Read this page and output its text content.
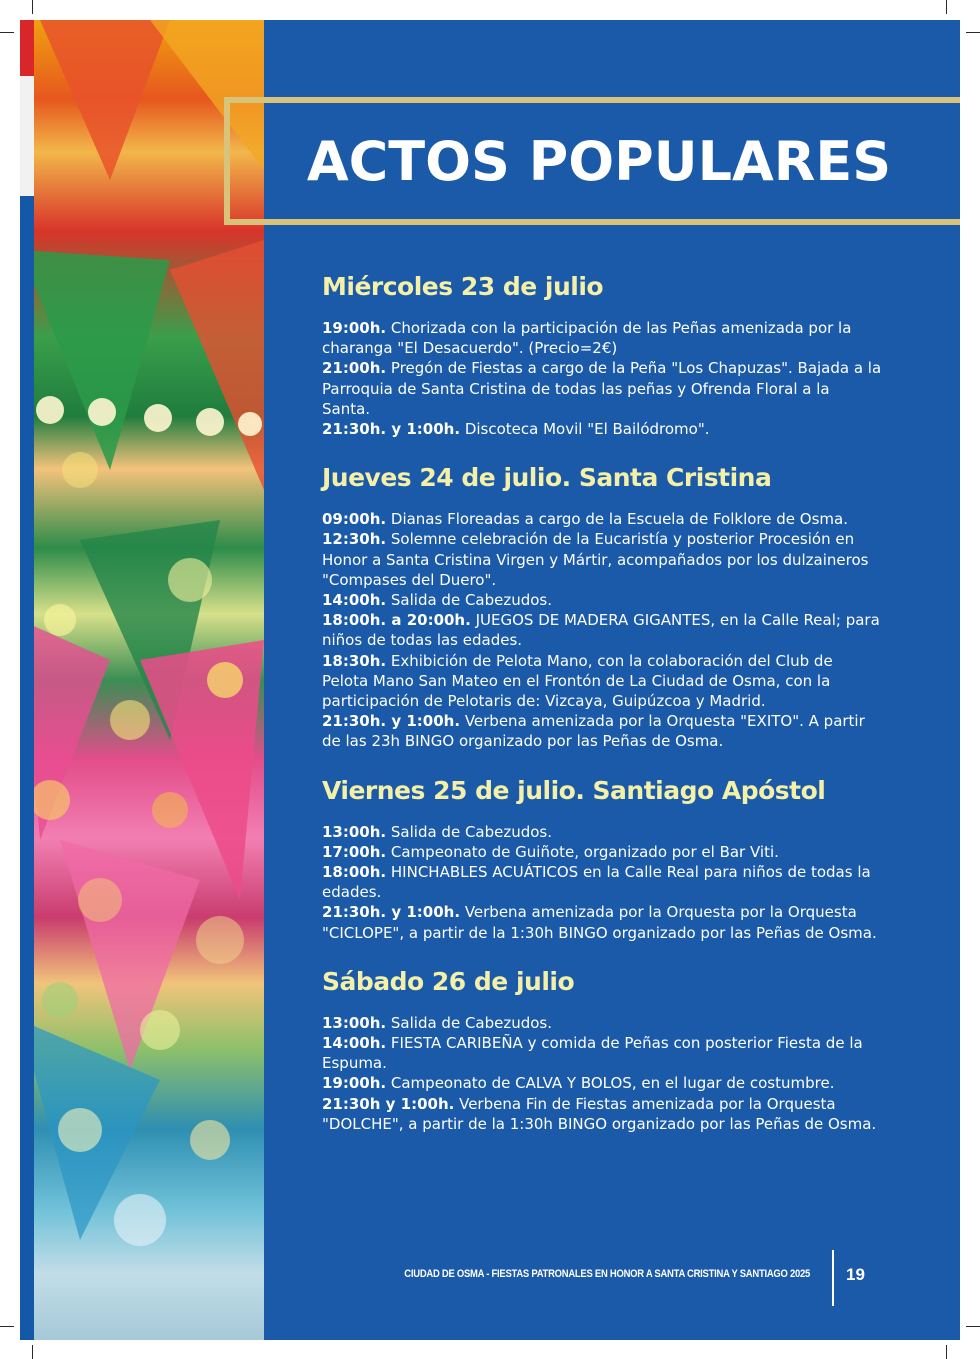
ACTOS POPULARES
Miércoles 23 de julio

19:00h. Chorizada con la participación de las Peñas amenizada por la charanga "El Desacuerdo". (Precio=2€)

21:00h. Pregón de Fiestas a cargo de la Peña "Los Chapuzas". Bajada a la Parroquia de Santa Cristina de todas las peñas y Ofrenda Floral a la Santa.

21:30h. y 1:00h. Discoteca Movil "El Bailódromo".

Jueves 24 de julio. Santa Cristina

09:00h. Dianas Floreadas a cargo de la Escuela de Folklore de Osma.

12:30h. Solemne celebración de la Eucaristía y posterior Procesión en Honor a Santa Cristina Virgen y Mártir, acompañados por los dulzaineros "Compases del Duero".

14:00h. Salida de Cabezudos.

18:00h. a 20:00h. JUEGOS DE MADERA GIGANTES, en la Calle Real; para niños de todas las edades.

18:30h. Exhibición de Pelota Mano, con la colaboración del Club de Pelota Mano San Mateo en el Frontón de La Ciudad de Osma, con la participación de Pelotaris de: Vizcaya, Guipúzcoa y Madrid.

21:30h. y 1:00h. Verbena amenizada por la Orquesta "EXITO". A partir de las 23h BINGO organizado por las Peñas de Osma.

Viernes 25 de julio. Santiago Apóstol

13:00h. Salida de Cabezudos.

17:00h. Campeonato de Guiñote, organizado por el Bar Viti.

18:00h. HINCHABLES ACUÁTICOS en la Calle Real para niños de todas la edades.

21:30h. y 1:00h. Verbena amenizada por la Orquesta por la Orquesta "CICLOPE", a partir de la 1:30h BINGO organizado por las Peñas de Osma.

Sábado 26 de julio

13:00h. Salida de Cabezudos.

14:00h. FIESTA CARIBEÑA y comida de Peñas con posterior Fiesta de la Espuma.

19:00h. Campeonato de CALVA Y BOLOS, en el lugar de costumbre.

21:30h y 1:00h. Verbena Fin de Fiestas amenizada por la Orquesta "DOLCHE", a partir de la 1:30h BINGO organizado por las Peñas de Osma.

CIUDAD DE OSMA - FIESTAS PATRONALES EN HONOR A SANTA CRISTINA Y SANTIAGO 2025 19
